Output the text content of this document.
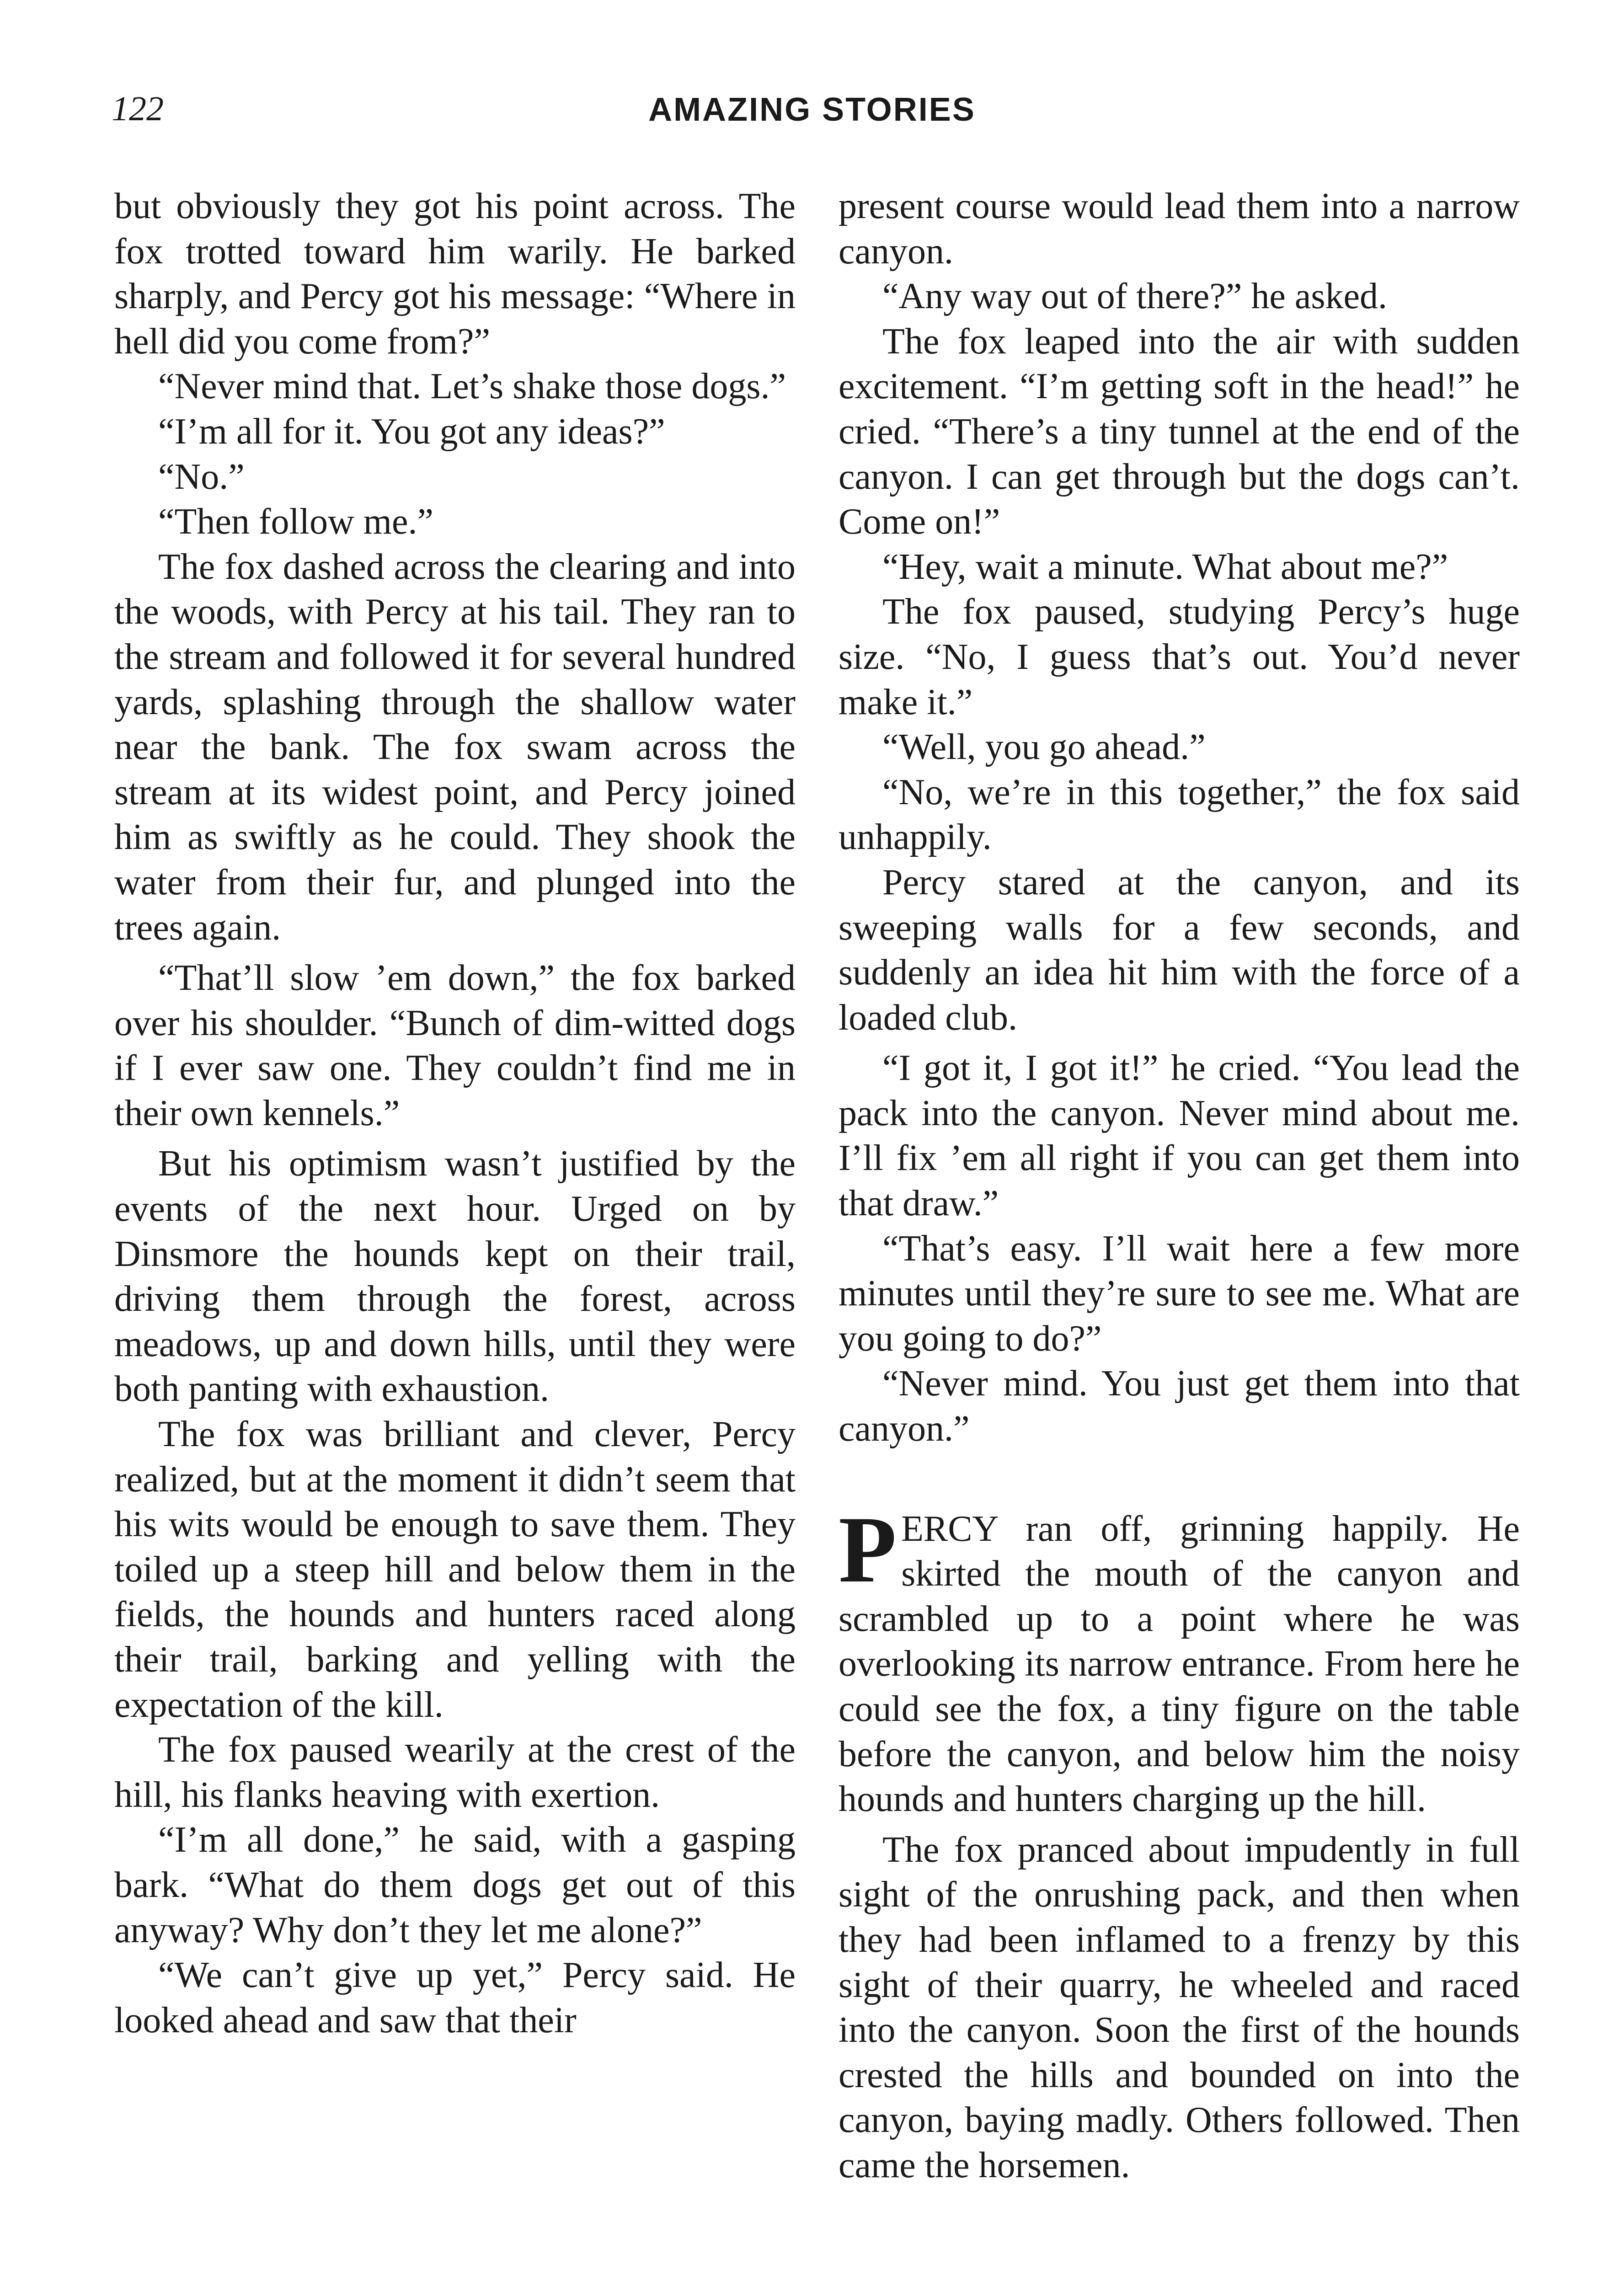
122	AMAZING STORIES

but obviously they got his point across. The fox trotted toward him warily. He barked sharply, and Percy got his message: “Where in hell did you come from?”

“Never mind that. Let’s shake those dogs.”

“I’m all for it. You got any ideas?”

“No.”

“Then follow me.”

The fox dashed across the clearing and into the woods, with Percy at his tail. They ran to the stream and followed it for several hundred yards, splashing through the shallow water near the bank. The fox swam across the stream at its widest point, and Percy joined him as swiftly as he could. They shook the water from their fur, and plunged into the trees again.

“That’ll slow ’em down,” the fox barked over his shoulder. “Bunch of dim-witted dogs if I ever saw one. They couldn’t find me in their own kennels.”

But his optimism wasn’t justified by the events of the next hour. Urged on by Dinsmore the hounds kept on their trail, driving them through the forest, across meadows, up and down hills, until they were both panting with exhaustion.

The fox was brilliant and clever, Percy realized, but at the moment it didn’t seem that his wits would be enough to save them. They toiled up a steep hill and below them in the fields, the hounds and hunters raced along their trail, barking and yelling with the expectation of the kill.

The fox paused wearily at the crest of the hill, his flanks heaving with exertion.

“I’m all done,” he said, with a gasping bark. “What do them dogs get out of this anyway? Why don’t they let me alone?”

“We can’t give up yet,” Percy said. He looked ahead and saw that their

present course would lead them into a narrow canyon.

“Any way out of there?” he asked.

The fox leaped into the air with sudden excitement. “I’m getting soft in the head!” he cried. “There’s a tiny tunnel at the end of the canyon. I can get through but the dogs can’t. Come on!”

“Hey, wait a minute. What about me?”

The fox paused, studying Percy’s huge size. “No, I guess that’s out. You’d never make it.”

“Well, you go ahead.”

“No, we’re in this together,” the fox said unhappily.

Percy stared at the canyon, and its sweeping walls for a few seconds, and suddenly an idea hit him with the force of a loaded club.

“I got it, I got it!” he cried. “You lead the pack into the canyon. Never mind about me. I’ll fix ’em all right if you can get them into that draw.”

“That’s easy. I’ll wait here a few more minutes until they’re sure to see me. What are you going to do?”

“Never mind. You just get them into that canyon.”

PERCY ran off, grinning happily. He skirted the mouth of the canyon and scrambled up to a point where he was overlooking its narrow entrance. From here he could see the fox, a tiny figure on the table before the canyon, and below him the noisy hounds and hunters charging up the hill.

The fox pranced about impudently in full sight of the onrushing pack, and then when they had been inflamed to a frenzy by this sight of their quarry, he wheeled and raced into the canyon. Soon the first of the hounds crested the hills and bounded on into the canyon, baying madly. Others followed. Then came the horsemen.
